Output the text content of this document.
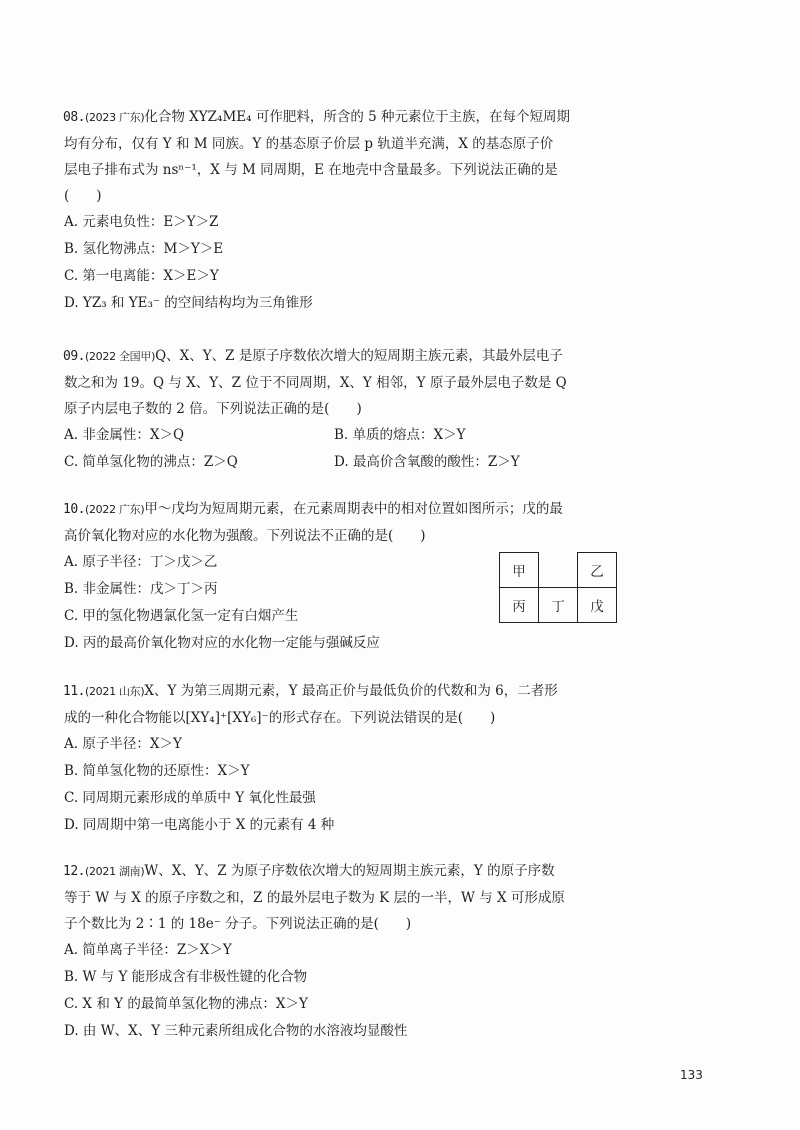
08.(2023 广东)化合物 XYZ₄ME₄ 可作肥料，所含的 5 种元素位于主族，在每个短周期
均有分布，仅有 Y 和 M 同族。Y 的基态原子价层 p 轨道半充满，X 的基态原子价
层电子排布式为 nsⁿ⁻¹，X 与 M 同周期，E 在地壳中含量最多。下列说法正确的是
(　　)

A. 元素电负性：E＞Y＞Z

B. 氢化物沸点：M＞Y＞E

C. 第一电离能：X＞E＞Y

D. YZ₃ 和 YE₃⁻ 的空间结构均为三角锥形

09.(2022 全国甲)Q、X、Y、Z 是原子序数依次增大的短周期主族元素，其最外层电子
数之和为 19。Q 与 X、Y、Z 位于不同周期，X、Y 相邻，Y 原子最外层电子数是 Q
原子内层电子数的 2 倍。下列说法正确的是(　　)

A. 非金属性：X＞Q	B. 单质的熔点：X＞Y

C. 简单氢化物的沸点：Z＞Q	D. 最高价含氧酸的酸性：Z＞Y

10.(2022 广东)甲～戊均为短周期元素，在元素周期表中的相对位置如图所示；戊的最
高价氧化物对应的水化物为强酸。下列说法不正确的是(　　)

A. 原子半径：丁＞戊＞乙

B. 非金属性：戊＞丁＞丙

C. 甲的氢化物遇氯化氢一定有白烟产生

D. 丙的最高价氧化物对应的水化物一定能与强碱反应

甲		乙
丙	丁	戊

11.(2021 山东)X、Y 为第三周期元素，Y 最高正价与最低负价的代数和为 6，二者形
成的一种化合物能以[XY₄]⁺[XY₆]⁻的形式存在。下列说法错误的是(　　)

A. 原子半径：X＞Y

B. 简单氢化物的还原性：X＞Y

C. 同周期元素形成的单质中 Y 氧化性最强

D. 同周期中第一电离能小于 X 的元素有 4 种

12.(2021 湖南)W、X、Y、Z 为原子序数依次增大的短周期主族元素，Y 的原子序数
等于 W 与 X 的原子序数之和，Z 的最外层电子数为 K 层的一半，W 与 X 可形成原
子个数比为 2∶1 的 18e⁻ 分子。下列说法正确的是(　　)

A. 简单离子半径：Z＞X＞Y

B. W 与 Y 能形成含有非极性键的化合物

C. X 和 Y 的最简单氢化物的沸点：X＞Y

D. 由 W、X、Y 三种元素所组成化合物的水溶液均显酸性

133
